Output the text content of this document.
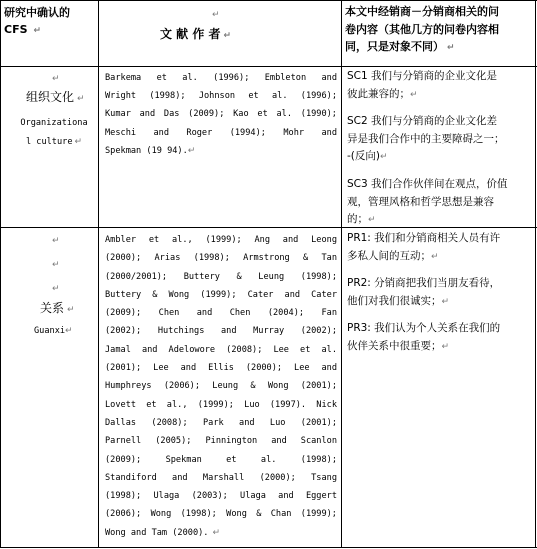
研究中确认的
CFS ↵
↵
文 献 作 者 ↵
本文中经销商－分销商相关的问
卷内容（其他几方的问卷内容相
同，只是对象不同） ↵
↵
组织文化 ↵
Organizationa
l culture ↵
Barkema et al. (1996); Embleton and
Wright (1998); Johnson et al. (1996);
Kumar and Das (2009); Kao et al. (1990);
Meschi and Roger (1994); Mohr and
Spekman (19 94).↵
SC1 我们与分销商的企业文化是
彼此兼容的；↵
SC2 我们与分销商的企业文化差
异是我们合作中的主要障碍之一；
-(反向)↵
SC3 我们合作伙伴间在观点，价值
观，管理风格和哲学思想是兼容
的；↵
↵
↵
↵
关系 ↵
Guanxi↵
Ambler et al., (1999); Ang and Leong
(2000); Arias (1998); Armstrong & Tan
(2000/2001); Buttery & Leung (1998);
Buttery & Wong (1999); Cater and Cater
(2009); Chen and Chen (2004); Fan
(2002); Hutchings and Murray (2002);
Jamal and Adelowore (2008); Lee et al.
(2001); Lee and Ellis (2000); Lee and
Humphreys (2006); Leung & Wong (2001);
Lovett et al., (1999); Luo (1997). Nick
Dallas (2008); Park and Luo (2001);
Parnell (2005); Pinnington and Scanlon
(2009); Spekman et al. (1998);
Standiford and Marshall (2000); Tsang
(1998); Ulaga (2003); Ulaga and Eggert
(2006); Wong (1998); Wong & Chan (1999);
Wong and Tam (2000). ↵
PR1: 我们和分销商相关人员有许
多私人间的互动；↵
PR2: 分销商把我们当朋友看待，
他们对我们很诚实；↵
PR3: 我们认为个人关系在我们的
伙伴关系中很重要；↵
